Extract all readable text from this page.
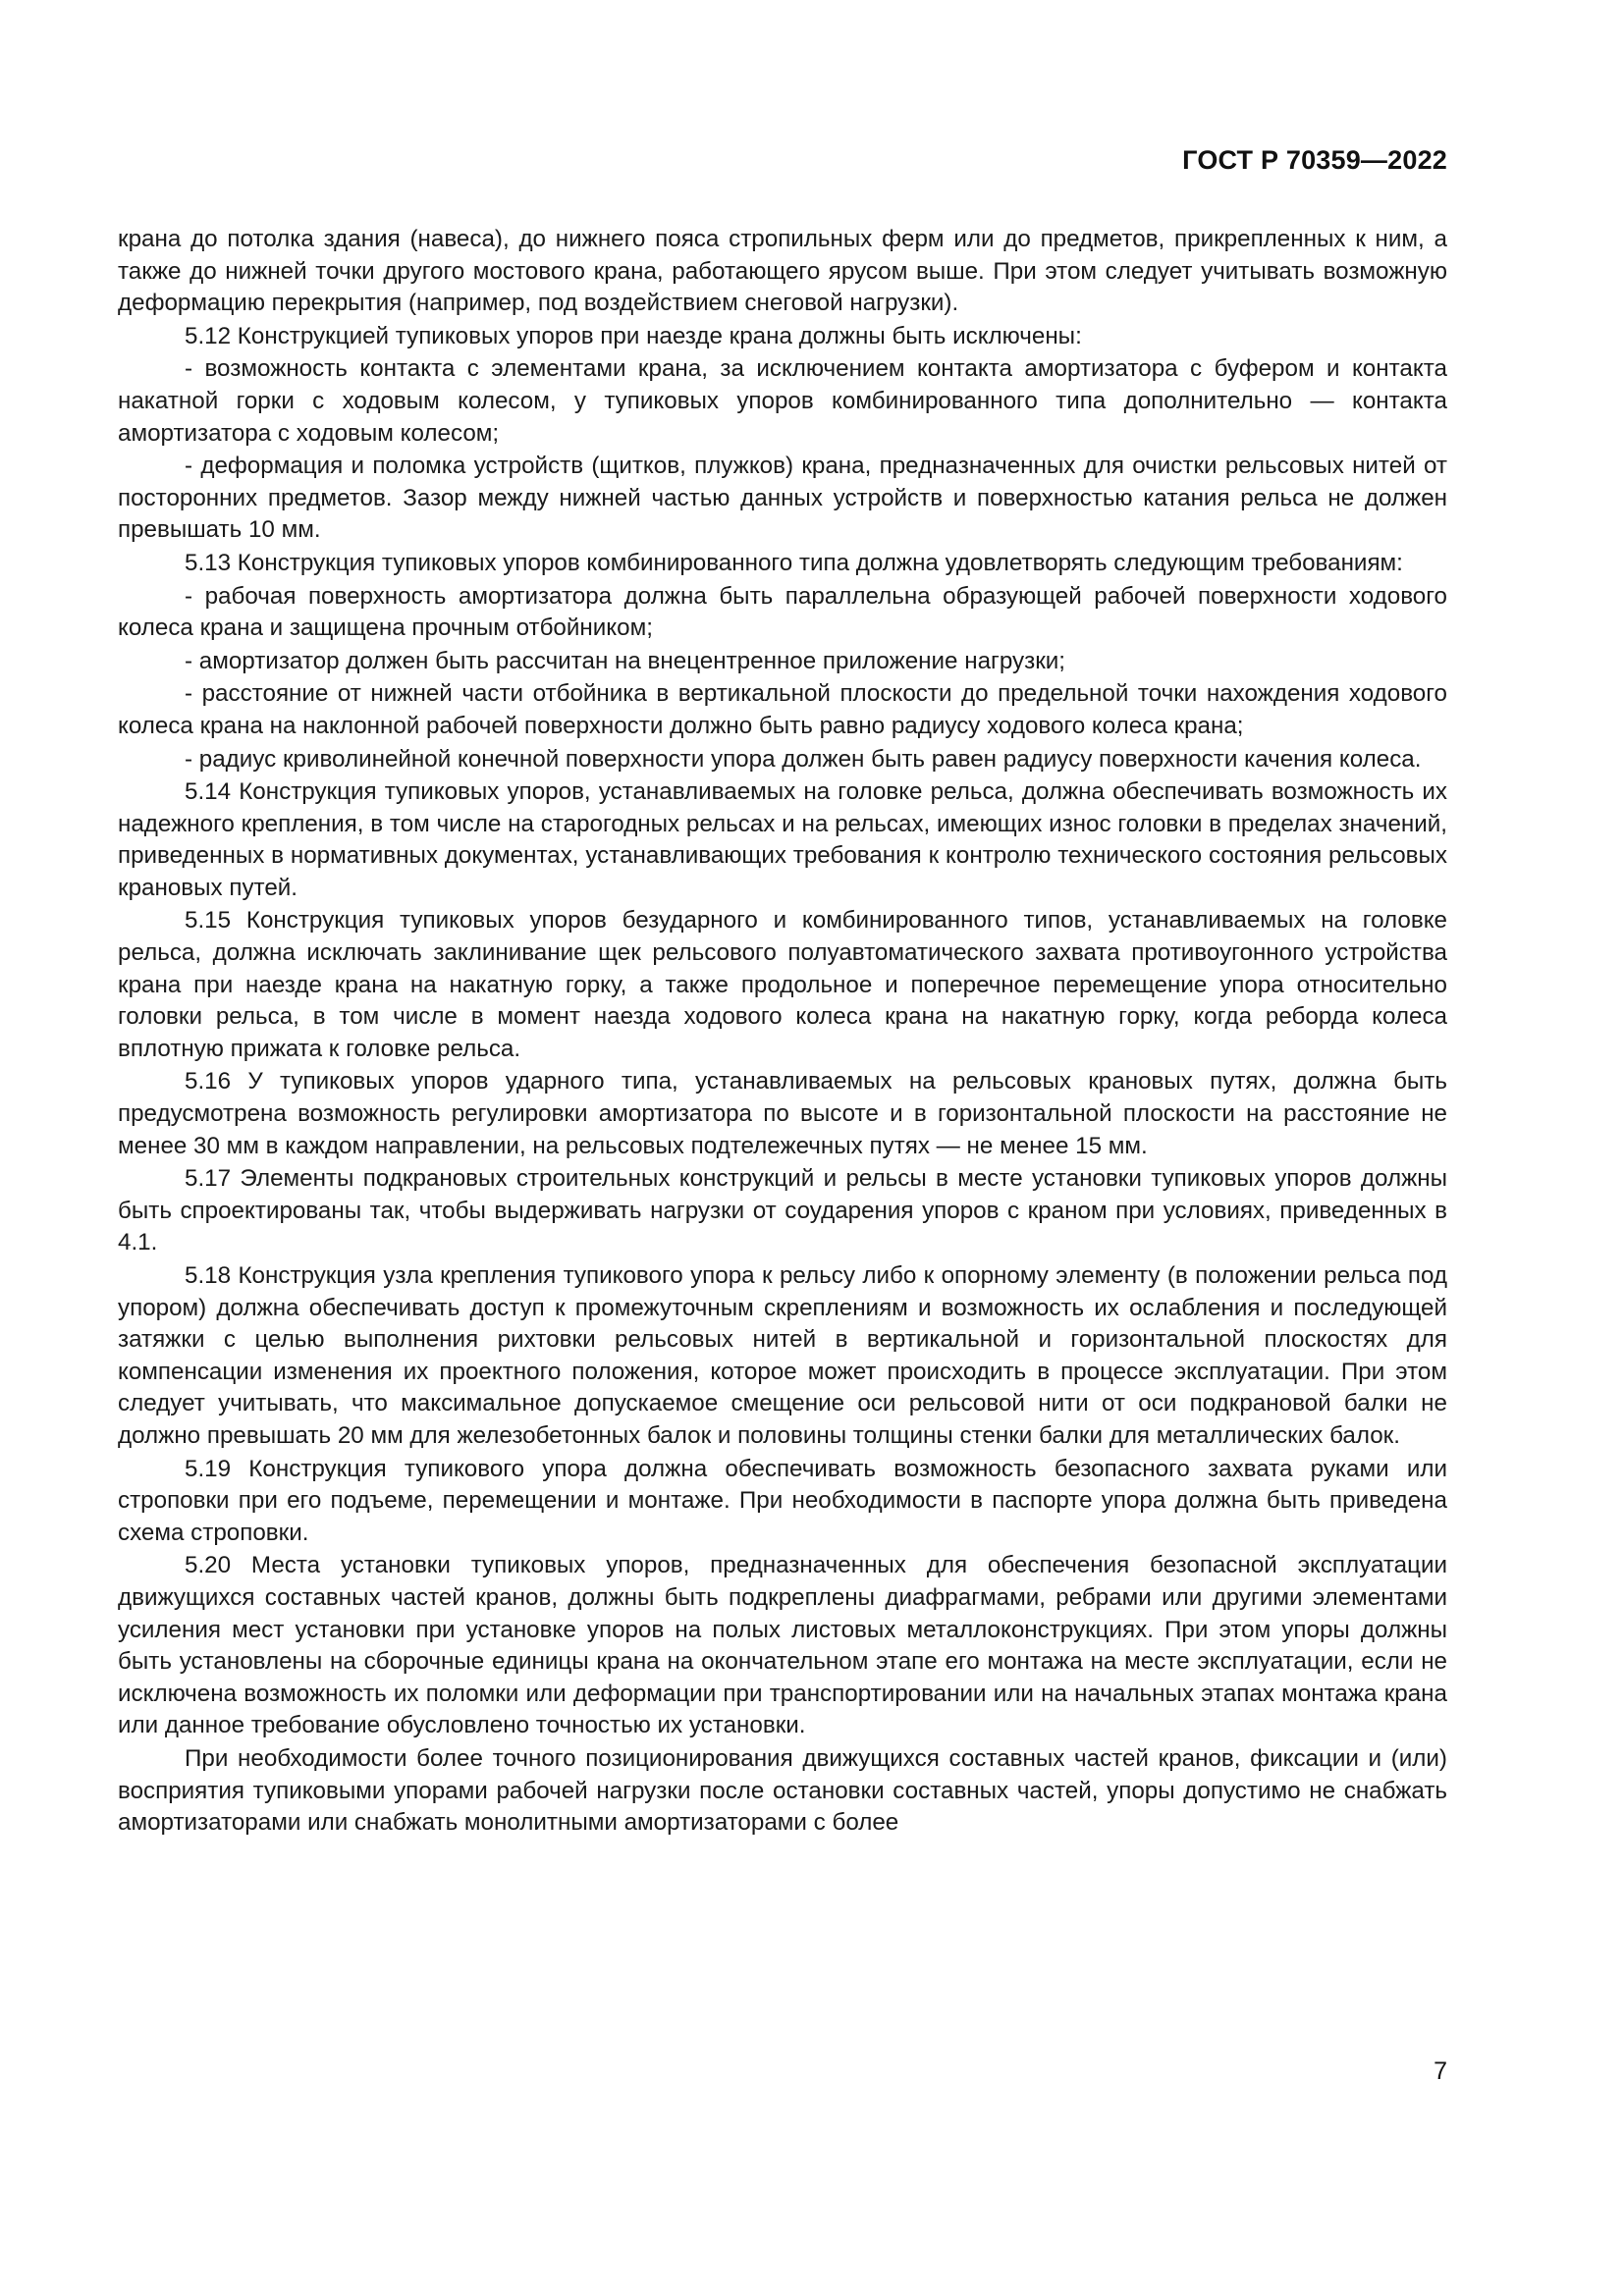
ГОСТ Р 70359—2022

крана до потолка здания (навеса), до нижнего пояса стропильных ферм или до предметов, прикрепленных к ним, а также до нижней точки другого мостового крана, работающего ярусом выше. При этом следует учитывать возможную деформацию перекрытия (например, под воздействием снеговой нагрузки).

5.12 Конструкцией тупиковых упоров при наезде крана должны быть исключены:

- возможность контакта с элементами крана, за исключением контакта амортизатора с буфером и контакта накатной горки с ходовым колесом, у тупиковых упоров комбинированного типа дополнительно — контакта амортизатора с ходовым колесом;

- деформация и поломка устройств (щитков, плужков) крана, предназначенных для очистки рельсовых нитей от посторонних предметов. Зазор между нижней частью данных устройств и поверхностью катания рельса не должен превышать 10 мм.

5.13 Конструкция тупиковых упоров комбинированного типа должна удовлетворять следующим требованиям:

- рабочая поверхность амортизатора должна быть параллельна образующей рабочей поверхности ходового колеса крана и защищена прочным отбойником;

- амортизатор должен быть рассчитан на внецентренное приложение нагрузки;

- расстояние от нижней части отбойника в вертикальной плоскости до предельной точки нахождения ходового колеса крана на наклонной рабочей поверхности должно быть равно радиусу ходового колеса крана;

- радиус криволинейной конечной поверхности упора должен быть равен радиусу поверхности качения колеса.

5.14 Конструкция тупиковых упоров, устанавливаемых на головке рельса, должна обеспечивать возможность их надежного крепления, в том числе на старогодных рельсах и на рельсах, имеющих износ головки в пределах значений, приведенных в нормативных документах, устанавливающих требования к контролю технического состояния рельсовых крановых путей.

5.15 Конструкция тупиковых упоров безударного и комбинированного типов, устанавливаемых на головке рельса, должна исключать заклинивание щек рельсового полуавтоматического захвата противоугонного устройства крана при наезде крана на накатную горку, а также продольное и поперечное перемещение упора относительно головки рельса, в том числе в момент наезда ходового колеса крана на накатную горку, когда реборда колеса вплотную прижата к головке рельса.

5.16 У тупиковых упоров ударного типа, устанавливаемых на рельсовых крановых путях, должна быть предусмотрена возможность регулировки амортизатора по высоте и в горизонтальной плоскости на расстояние не менее 30 мм в каждом направлении, на рельсовых подтележечных путях — не менее 15 мм.

5.17 Элементы подкрановых строительных конструкций и рельсы в месте установки тупиковых упоров должны быть спроектированы так, чтобы выдерживать нагрузки от соударения упоров с краном при условиях, приведенных в 4.1.

5.18 Конструкция узла крепления тупикового упора к рельсу либо к опорному элементу (в положении рельса под упором) должна обеспечивать доступ к промежуточным скреплениям и возможность их ослабления и последующей затяжки с целью выполнения рихтовки рельсовых нитей в вертикальной и горизонтальной плоскостях для компенсации изменения их проектного положения, которое может происходить в процессе эксплуатации. При этом следует учитывать, что максимальное допускаемое смещение оси рельсовой нити от оси подкрановой балки не должно превышать 20 мм для железобетонных балок и половины толщины стенки балки для металлических балок.

5.19 Конструкция тупикового упора должна обеспечивать возможность безопасного захвата руками или строповки при его подъеме, перемещении и монтаже. При необходимости в паспорте упора должна быть приведена схема строповки.

5.20 Места установки тупиковых упоров, предназначенных для обеспечения безопасной эксплуатации движущихся составных частей кранов, должны быть подкреплены диафрагмами, ребрами или другими элементами усиления мест установки при установке упоров на полых листовых металлоконструкциях. При этом упоры должны быть установлены на сборочные единицы крана на окончательном этапе его монтажа на месте эксплуатации, если не исключена возможность их поломки или деформации при транспортировании или на начальных этапах монтажа крана или данное требование обусловлено точностью их установки.

При необходимости более точного позиционирования движущихся составных частей кранов, фиксации и (или) восприятия тупиковыми упорами рабочей нагрузки после остановки составных частей, упоры допустимо не снабжать амортизаторами или снабжать монолитными амортизаторами с более

7
